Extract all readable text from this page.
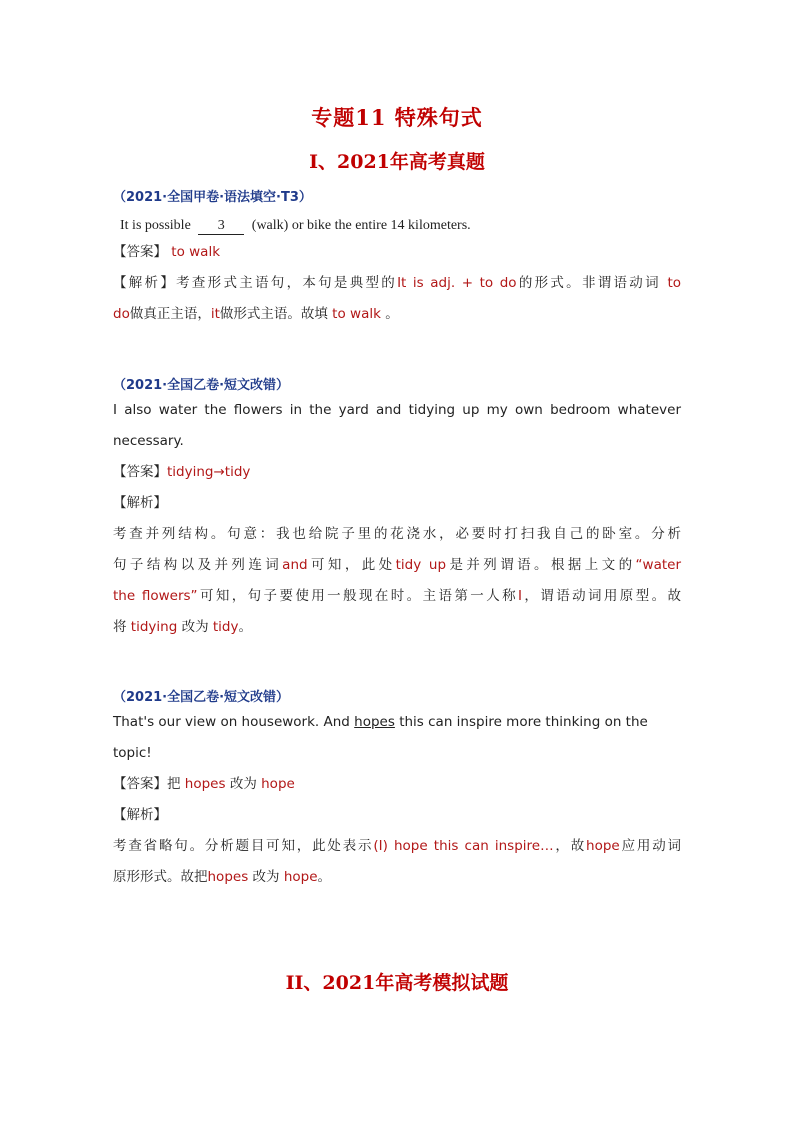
专题11 特殊句式
I、2021年高考真题

（2021·全国甲卷·语法填空·T3）

It is possible 3 (walk) or bike the entire 14 kilometers.

【答案】 to walk

【解析】考查形式主语句，本句是典型的It is adj. + to do的形式。非谓语动词 to

do做真正主语，it做形式主语。故填 to walk 。

（2021·全国乙卷·短文改错）

I also water the flowers in the yard and tidying up my own bedroom whatever

necessary.

【答案】tidying→tidy

【解析】

考查并列结构。句意：我也给院子里的花浇水，必要时打扫我自己的卧室。分析

句子结构以及并列连词and可知，此处tidy up是并列谓语。根据上文的“water

the flowers”可知，句子要使用一般现在时。主语第一人称I，谓语动词用原型。故

将 tidying 改为 tidy。

（2021·全国乙卷·短文改错）

That's our view on housework. And hopes this can inspire more thinking on the topic!

【答案】把 hopes 改为 hope

【解析】

考查省略句。分析题目可知，此处表示(I) hope this can inspire…，故hope应用动词

原形形式。故把hopes 改为 hope。

II、2021年高考模拟试题
